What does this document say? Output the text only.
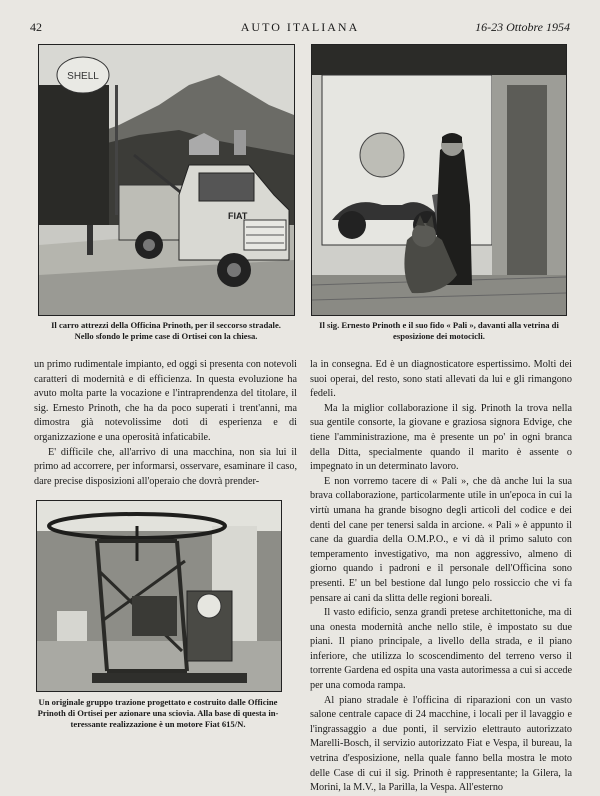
42	AUTO ITALIANA	16-23 Ottobre 1954
SHELL
FIAT
Il carro attrezzi della Officina Prinoth, per il seccorso stradale.
Nello sfondo le prime case di Ortisei con la chiesa.
Il sig. Ernesto Prinoth e il suo fido « Pali », davanti alla vetrina di
esposizione dei motocicli.

un primo rudimentale impianto, ed oggi si presenta con notevoli caratteri di modernità e di efficienza. In questa evoluzione ha avuto molta parte la vocazione e l'intraprendenza del titolare, il sig. Ernesto Prinoth, che ha da poco superati i trent'anni, ma dimostra già notevolissime doti di esperienza e di organizzazione e una operosità infaticabile.

E' difficile che, all'arrivo di una macchina, non sia lui il primo ad accorrere, per informarsi, osservare, esaminare il caso, dare precise disposizioni all'operaio che dovrà prender-

Un originale gruppo trazione progettato e costruito dalle Officine
Prinoth di Ortisei per azionare una sciovia. Alla base di questa in-
teressante realizzazione è un motore Fiat 615/N.

la in consegna. Ed è un diagnosticatore espertissimo. Molti dei suoi operai, del resto, sono stati allevati da lui e gli rimangono fedeli.

Ma la miglior collaborazione il sig. Prinoth la trova nella sua gentile consorte, la giovane e graziosa signora Edvige, che tiene l'amministrazione, ma è presente un po' in ogni branca della Ditta, specialmente quando il marito è assente o impegnato in un determinato lavoro.

E non vorremo tacere di « Pali », che dà anche lui la sua brava collaborazione, particolarmente utile in un'epoca in cui la virtù umana ha grande bisogno degli articoli del codice e dei denti del cane per tenersi salda in arcione. « Pali » è appunto il cane da guardia della O.M.P.O., e vi dà il primo saluto con temperamento investigativo, ma non aggressivo, almeno di giorno quando i padroni e il personale dell'Officina sono presenti. E' un bel bestione dal lungo pelo rossiccio che vi fa pensare ai cani da slitta delle regioni boreali.

Il vasto edificio, senza grandi pretese architettoniche, ma di una onesta modernità anche nello stile, è impostato su due piani. Il piano principale, a livello della strada, e il piano inferiore, che utilizza lo scoscendimento del terreno verso il torrente Gardena ed ospita una vasta autorimessa a cui si accede per una comoda rampa.

Al piano stradale è l'officina di riparazioni con un vasto salone centrale capace di 24 macchine, i locali per il lavaggio e l'ingrassaggio a due ponti, il servizio elettrauto autorizzato Marelli-Bosch, il servizio autorizzato Fiat e Vespa, il bureau, la vetrina d'esposizione, nella quale fanno bella mostra le moto delle Case di cui il sig. Prinoth è rappresentante; la Gilera, la Morini, la M.V., la Parilla, la Vespa. All'esterno
